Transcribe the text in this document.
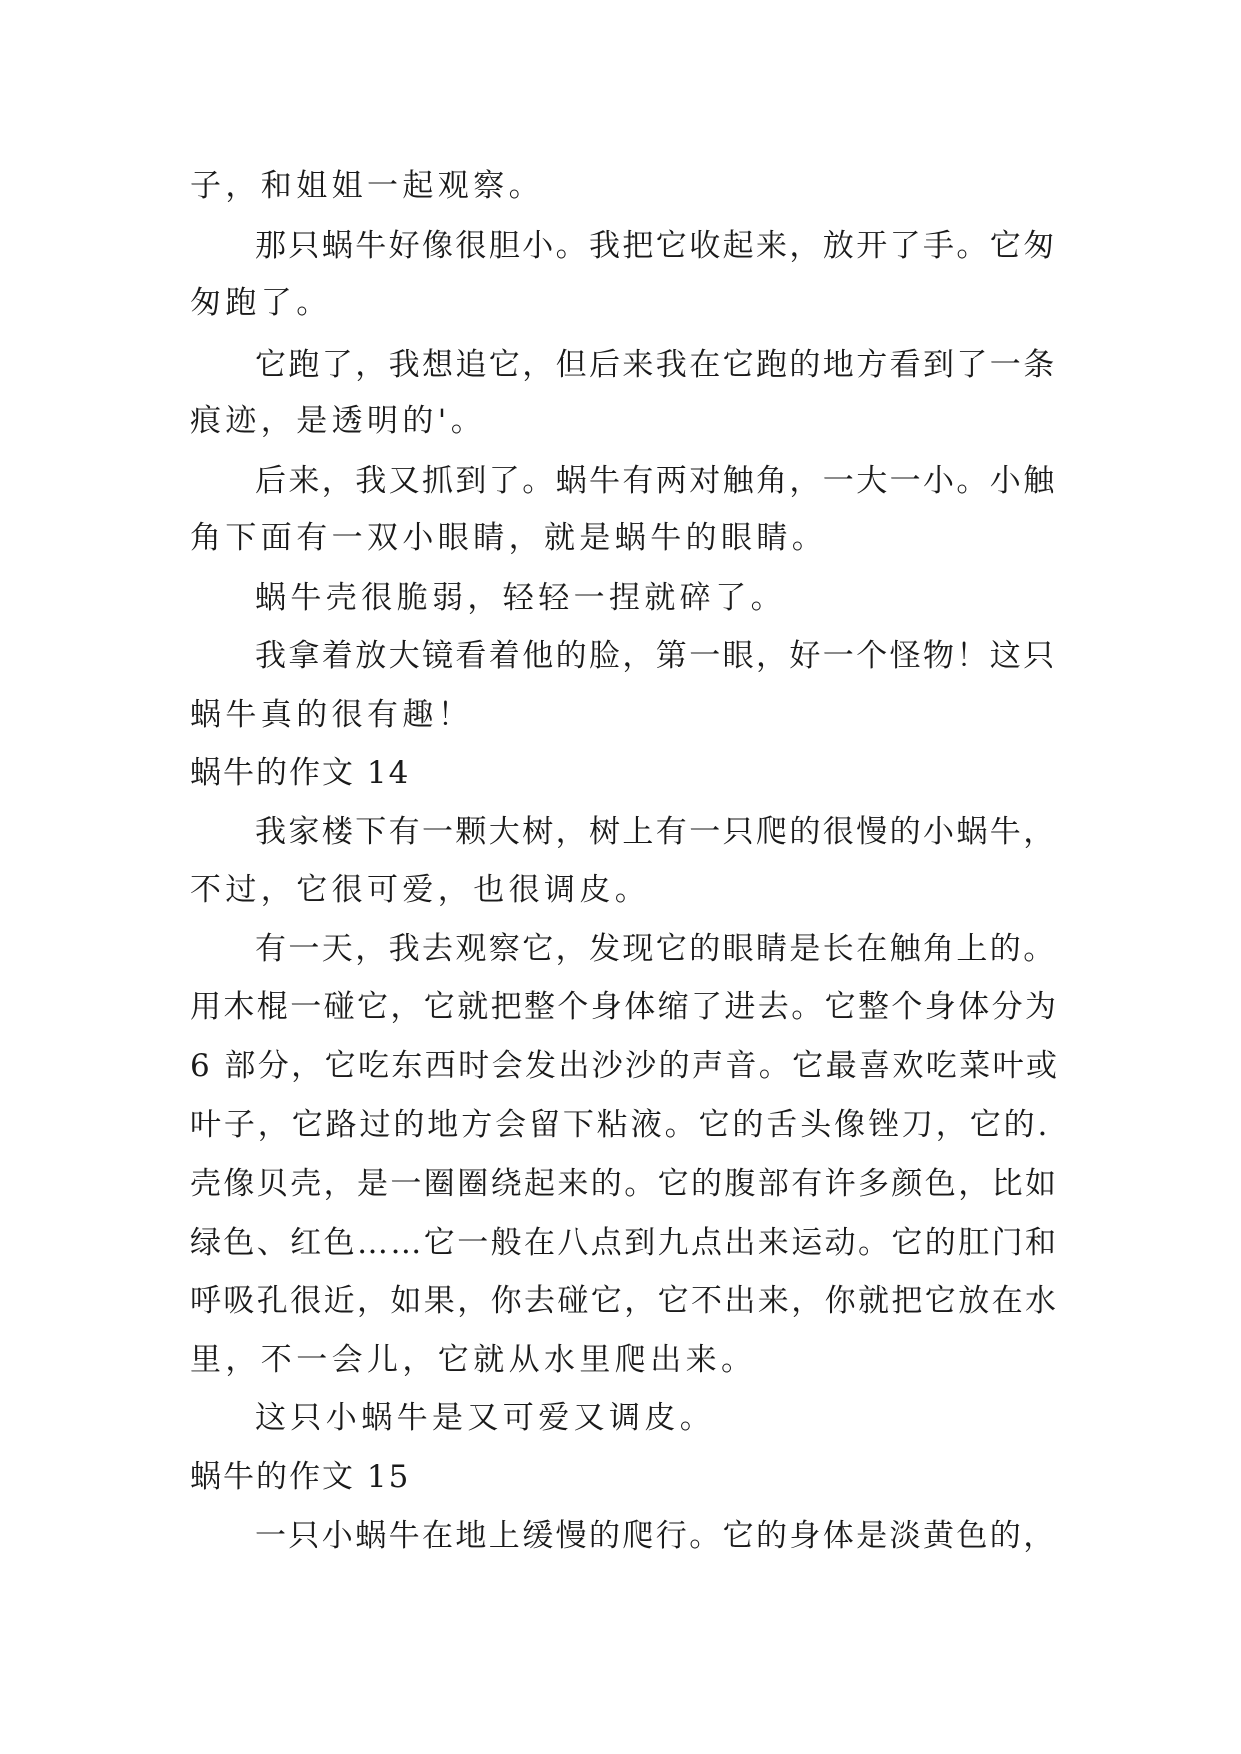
子，和姐姐一起观察。

那只蜗牛好像很胆小。我把它收起来，放开了手。它匆

匆跑了。

它跑了，我想追它，但后来我在它跑的地方看到了一条

痕迹，是透明的'。

后来，我又抓到了。蜗牛有两对触角，一大一小。小触

角下面有一双小眼睛，就是蜗牛的眼睛。

蜗牛壳很脆弱，轻轻一捏就碎了。

我拿着放大镜看着他的脸，第一眼，好一个怪物！这只

蜗牛真的很有趣！

蜗牛的作文 14

我家楼下有一颗大树，树上有一只爬的很慢的小蜗牛，

不过，它很可爱，也很调皮。

有一天，我去观察它，发现它的眼睛是长在触角上的。

用木棍一碰它，它就把整个身体缩了进去。它整个身体分为

6 部分，它吃东西时会发出沙沙的声音。它最喜欢吃菜叶或

叶子，它路过的地方会留下粘液。它的舌头像锉刀，它的.

壳像贝壳，是一圈圈绕起来的。它的腹部有许多颜色，比如

绿色、红色……它一般在八点到九点出来运动。它的肛门和

呼吸孔很近，如果，你去碰它，它不出来，你就把它放在水

里，不一会儿，它就从水里爬出来。

这只小蜗牛是又可爱又调皮。

蜗牛的作文 15

一只小蜗牛在地上缓慢的爬行。它的身体是淡黄色的，
